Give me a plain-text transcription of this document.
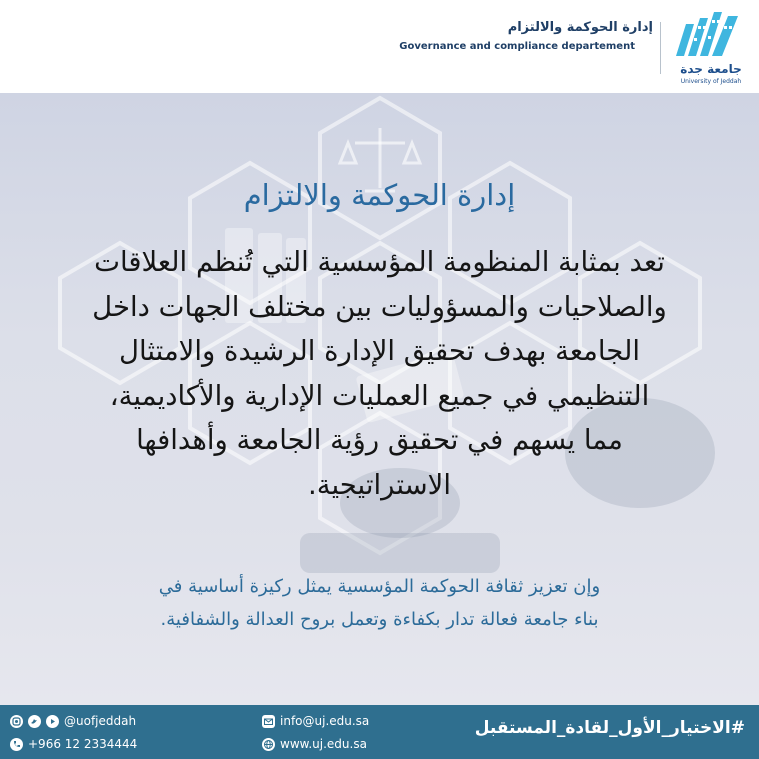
جامعة جدة
University of Jeddah
إدارة الحوكمة والالتزام
Governance and compliance departement
إدارة الحوكمة والالتزام
تعد بمثابة المنظومة المؤسسية التي تُنظم العلاقات
والصلاحيات والمسؤوليات بين مختلف الجهات داخل
الجامعة بهدف تحقيق الإدارة الرشيدة والامتثال
التنظيمي في جميع العمليات الإدارية والأكاديمية،
مما يسهم في تحقيق رؤية الجامعة وأهدافها
الاستراتيجية.
وإن تعزيز ثقافة الحوكمة المؤسسية يمثل ركيزة أساسية في
بناء جامعة فعالة تدار بكفاءة وتعمل بروح العدالة والشفافية.
@uofjeddah
+966 12 2334444
info@uj.edu.sa
www.uj.edu.sa
#الاختيار_الأول_لقادة_المستقبل
